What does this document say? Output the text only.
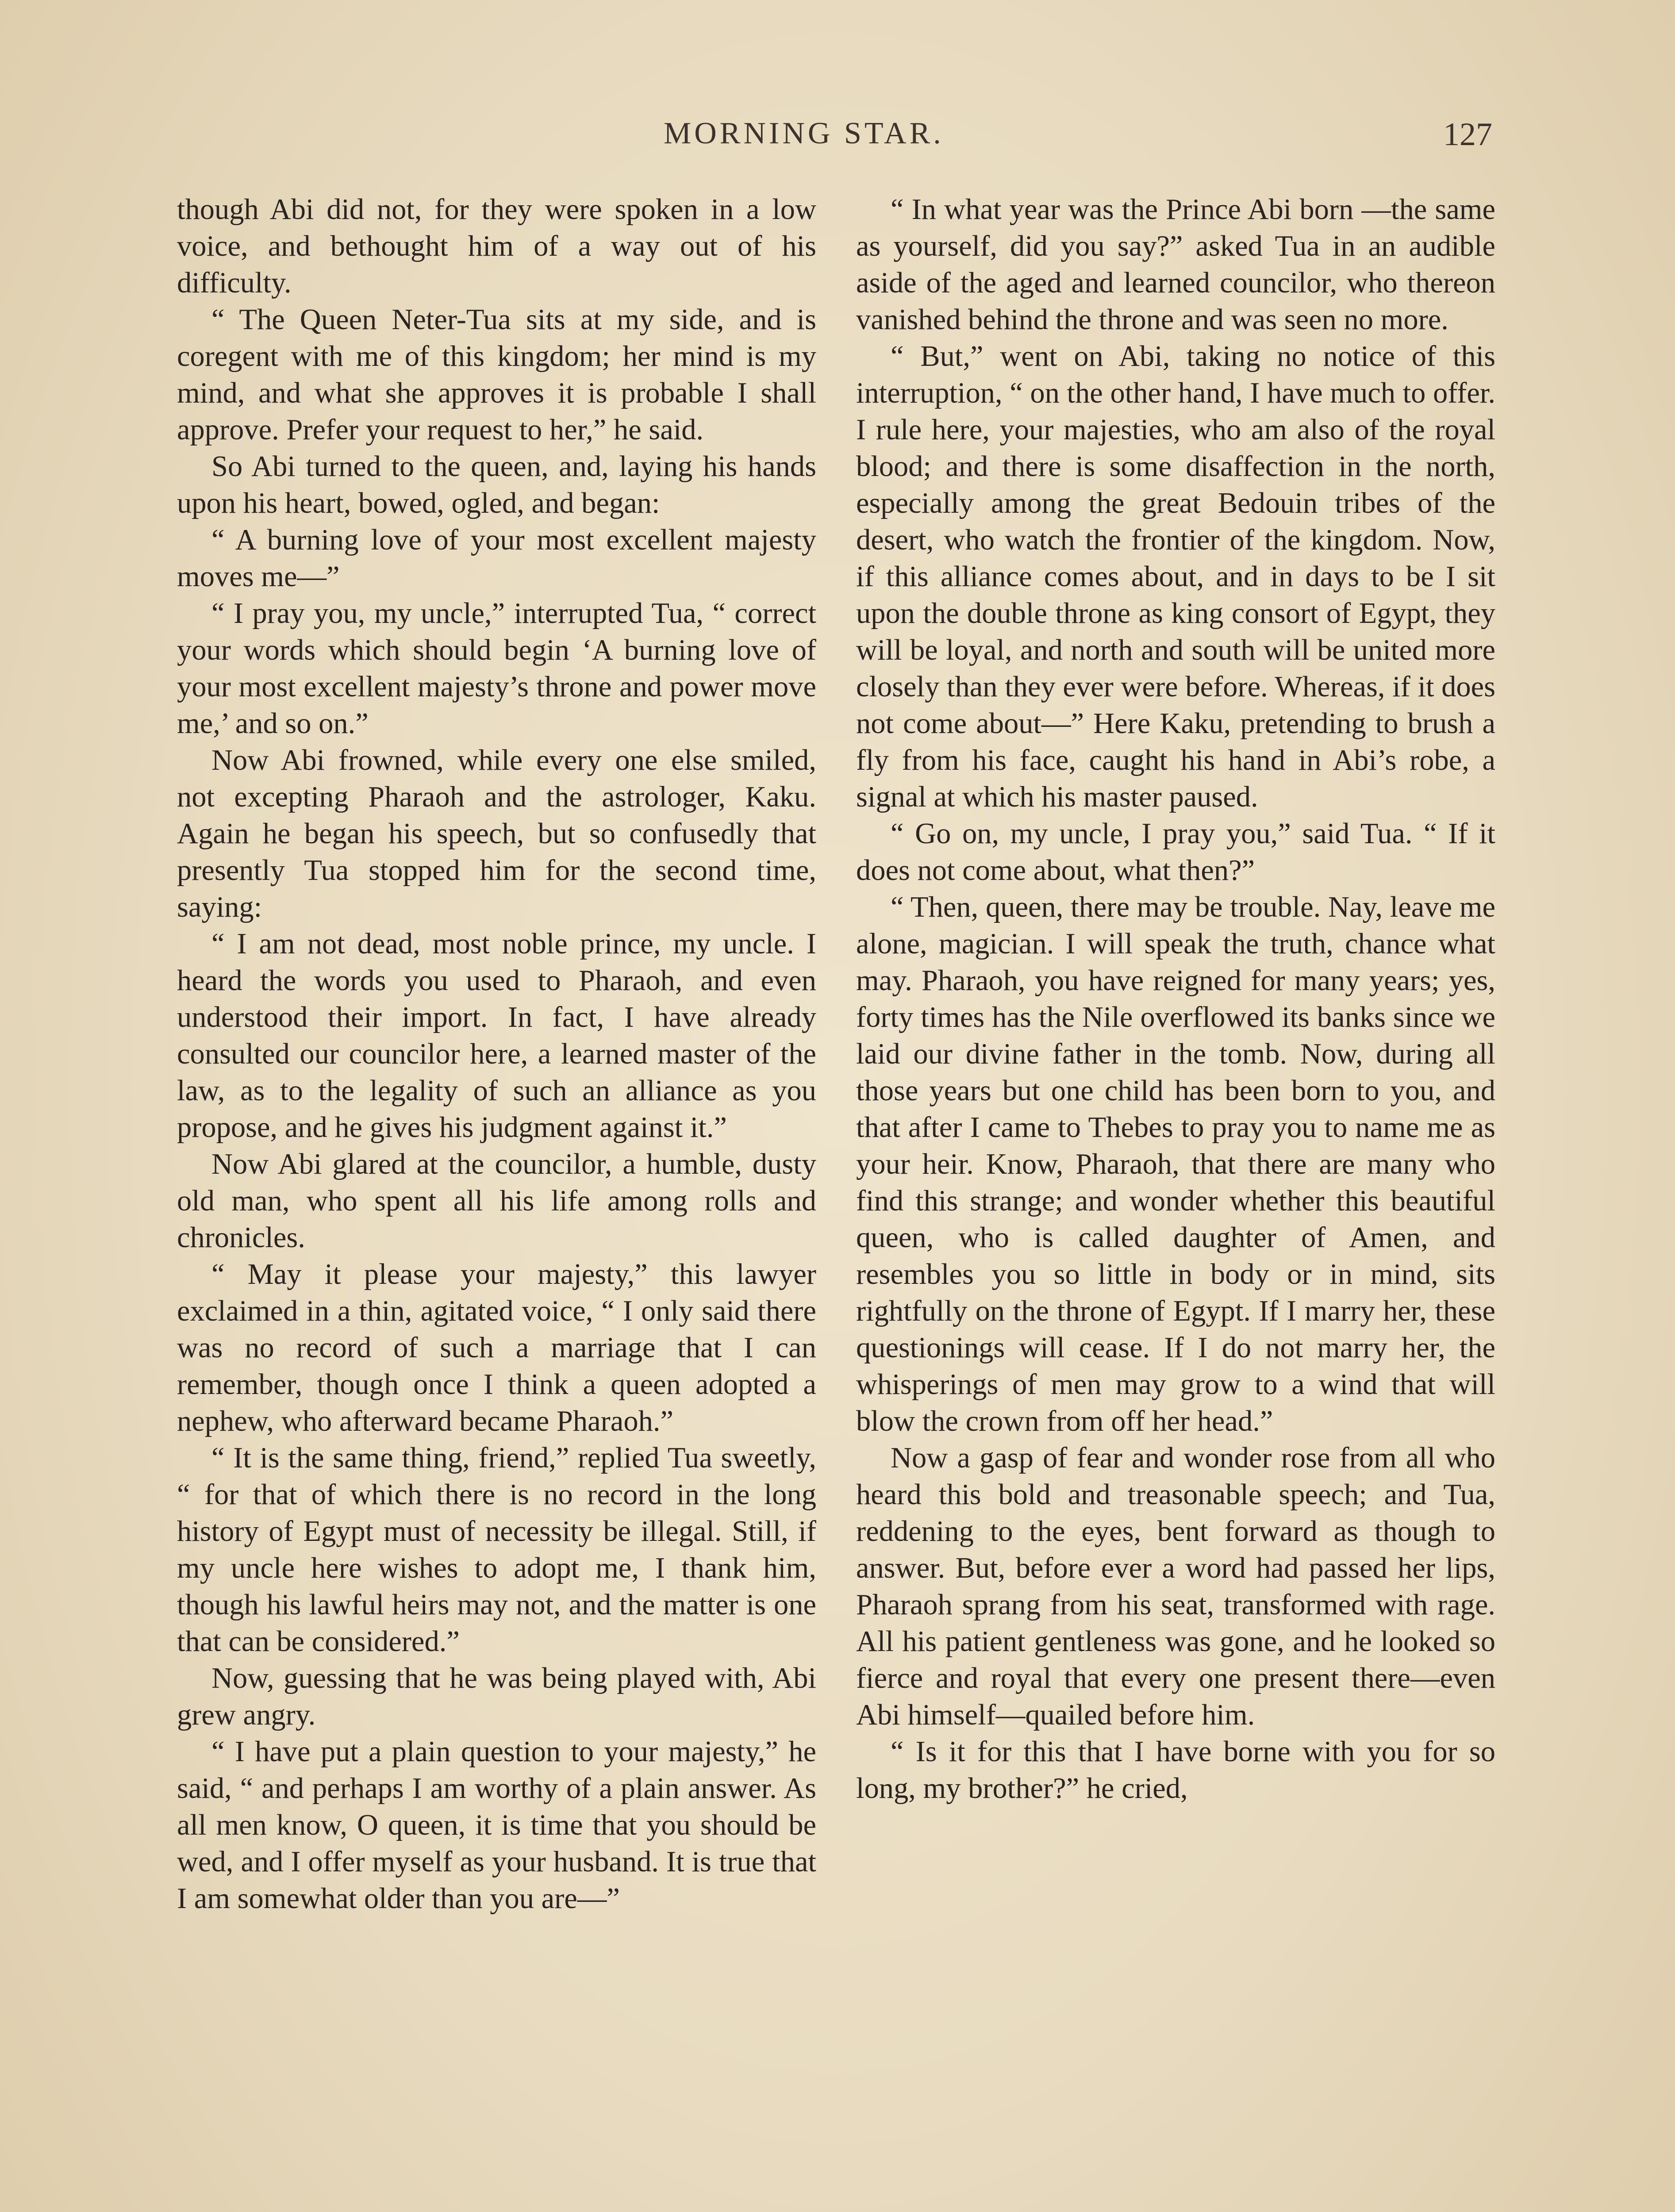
MORNING STAR.	127

though Abi did not, for they were spoken in a low voice, and bethought him of a way out of his difficulty.

“ The Queen Neter-Tua sits at my side, and is coregent with me of this kingdom; her mind is my mind, and what she approves it is probable I shall approve. Prefer your request to her,” he said.

So Abi turned to the queen, and, laying his hands upon his heart, bowed, ogled, and began:

“ A burning love of your most excellent majesty moves me—”

“ I pray you, my uncle,” interrupted Tua, “ correct your words which should begin ‘A burning love of your most excellent majesty’s throne and power move me,’ and so on.”

Now Abi frowned, while every one else smiled, not excepting Pharaoh and the astrologer, Kaku. Again he began his speech, but so confusedly that presently Tua stopped him for the second time, saying:

“ I am not dead, most noble prince, my uncle. I heard the words you used to Pharaoh, and even understood their import. In fact, I have already consulted our councilor here, a learned master of the law, as to the legality of such an alliance as you propose, and he gives his judgment against it.”

Now Abi glared at the councilor, a humble, dusty old man, who spent all his life among rolls and chronicles.

“ May it please your majesty,” this lawyer exclaimed in a thin, agitated voice, “ I only said there was no record of such a marriage that I can remember, though once I think a queen adopted a nephew, who afterward became Pharaoh.”

“ It is the same thing, friend,” replied Tua sweetly, “ for that of which there is no record in the long history of Egypt must of necessity be illegal. Still, if my uncle here wishes to adopt me, I thank him, though his lawful heirs may not, and the matter is one that can be considered.”

Now, guessing that he was being played with, Abi grew angry.

“ I have put a plain question to your majesty,” he said, “ and perhaps I am worthy of a plain answer. As all men know, O queen, it is time that you should be wed, and I offer myself as your husband. It is true that I am somewhat older than you are—”

“ In what year was the Prince Abi born —the same as yourself, did you say?” asked Tua in an audible aside of the aged and learned councilor, who thereon vanished behind the throne and was seen no more.

“ But,” went on Abi, taking no notice of this interruption, “ on the other hand, I have much to offer. I rule here, your majesties, who am also of the royal blood; and there is some disaffection in the north, especially among the great Bedouin tribes of the desert, who watch the frontier of the kingdom. Now, if this alliance comes about, and in days to be I sit upon the double throne as king consort of Egypt, they will be loyal, and north and south will be united more closely than they ever were before. Whereas, if it does not come about—” Here Kaku, pretending to brush a fly from his face, caught his hand in Abi’s robe, a signal at which his master paused.

“ Go on, my uncle, I pray you,” said Tua. “ If it does not come about, what then?”

“ Then, queen, there may be trouble. Nay, leave me alone, magician. I will speak the truth, chance what may. Pharaoh, you have reigned for many years; yes, forty times has the Nile overflowed its banks since we laid our divine father in the tomb. Now, during all those years but one child has been born to you, and that after I came to Thebes to pray you to name me as your heir. Know, Pharaoh, that there are many who find this strange; and wonder whether this beautiful queen, who is called daughter of Amen, and resembles you so little in body or in mind, sits rightfully on the throne of Egypt. If I marry her, these questionings will cease. If I do not marry her, the whisperings of men may grow to a wind that will blow the crown from off her head.”

Now a gasp of fear and wonder rose from all who heard this bold and treasonable speech; and Tua, reddening to the eyes, bent forward as though to answer. But, before ever a word had passed her lips, Pharaoh sprang from his seat, transformed with rage. All his patient gentleness was gone, and he looked so fierce and royal that every one present there—even Abi himself—quailed before him.

“ Is it for this that I have borne with you for so long, my brother?” he cried,
